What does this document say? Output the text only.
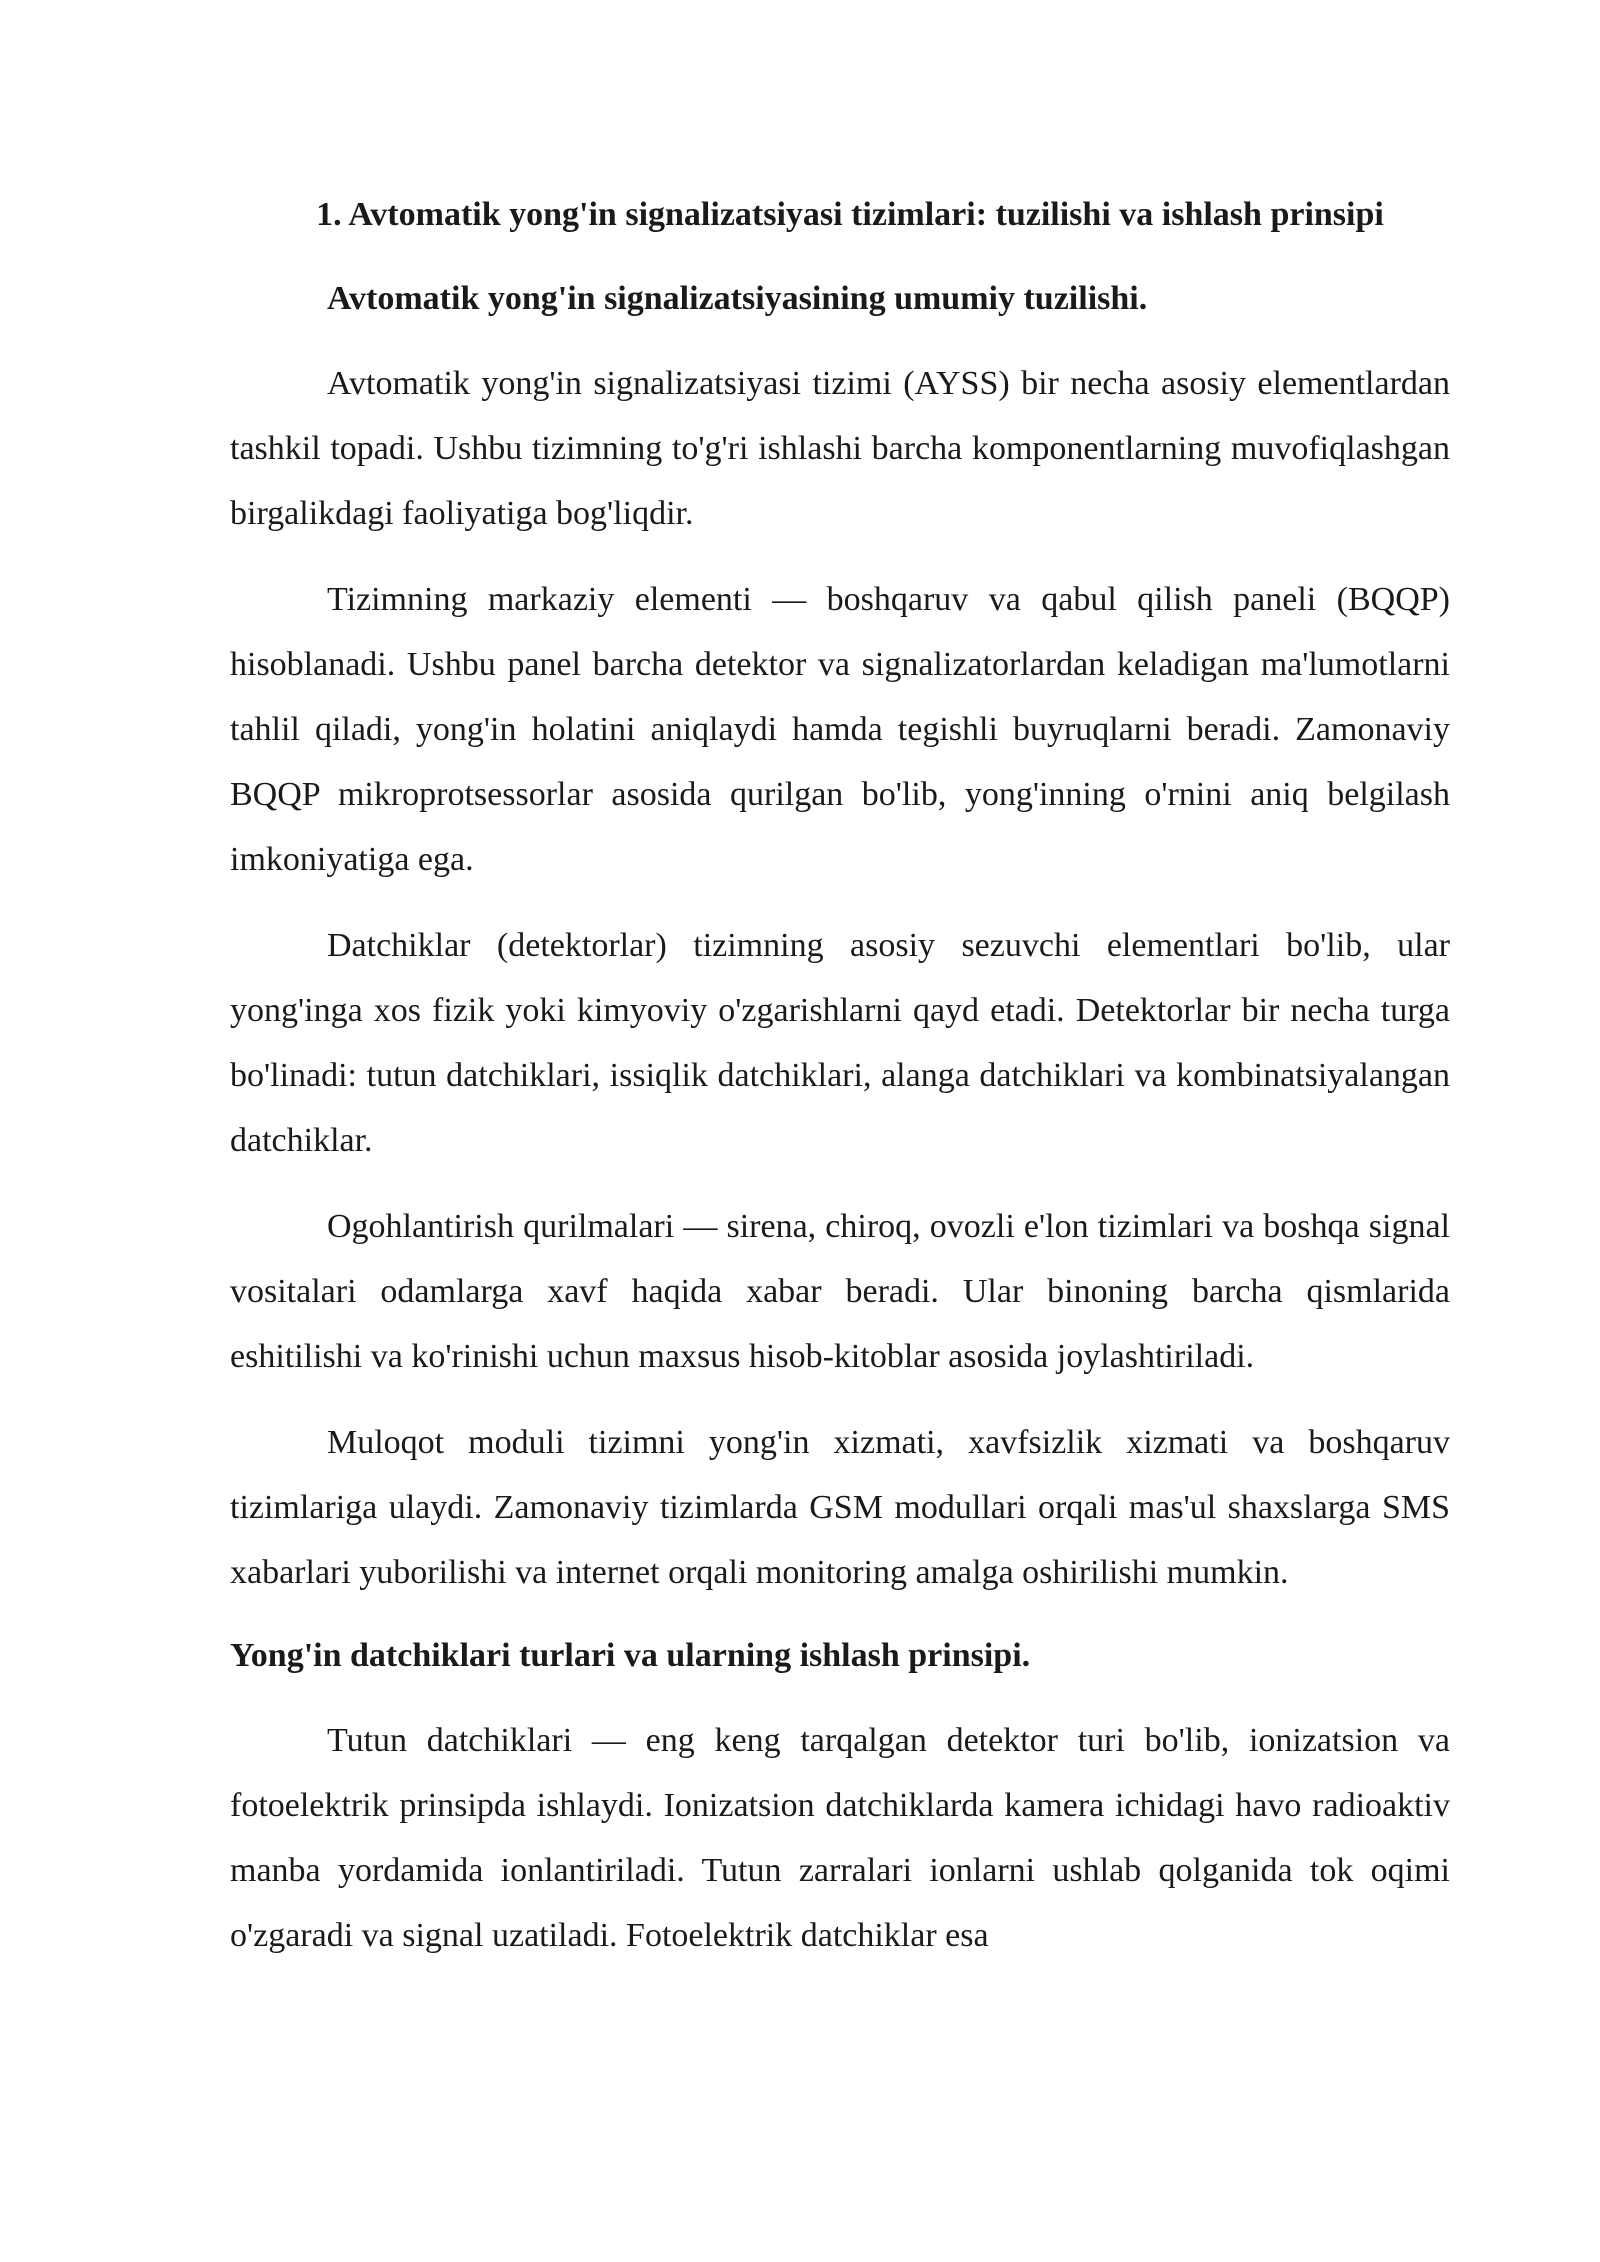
1. Avtomatik yong'in signalizatsiyasi tizimlari: tuzilishi va ishlash prinsipi

Avtomatik yong'in signalizatsiyasining umumiy tuzilishi.

Avtomatik yong'in signalizatsiyasi tizimi (AYSS) bir necha asosiy elementlardan tashkil topadi. Ushbu tizimning to'g'ri ishlashi barcha komponentlarning muvofiqlashgan birgalikdagi faoliyatiga bog'liqdir.

Tizimning markaziy elementi — boshqaruv va qabul qilish paneli (BQQP) hisoblanadi. Ushbu panel barcha detektor va signalizatorlardan keladigan ma'lumotlarni tahlil qiladi, yong'in holatini aniqlaydi hamda tegishli buyruqlarni beradi. Zamonaviy BQQP mikroprotsessorlar asosida qurilgan bo'lib, yong'inning o'rnini aniq belgilash imkoniyatiga ega.

Datchiklar (detektorlar) tizimning asosiy sezuvchi elementlari bo'lib, ular yong'inga xos fizik yoki kimyoviy o'zgarishlarni qayd etadi. Detektorlar bir necha turga bo'linadi: tutun datchiklari, issiqlik datchiklari, alanga datchiklari va kombinatsiyalangan datchiklar.

Ogohlantirish qurilmalari — sirena, chiroq, ovozli e'lon tizimlari va boshqa signal vositalari odamlarga xavf haqida xabar beradi. Ular binoning barcha qismlarida eshitilishi va ko'rinishi uchun maxsus hisob-kitoblar asosida joylashtiriladi.

Muloqot moduli tizimni yong'in xizmati, xavfsizlik xizmati va boshqaruv tizimlariga ulaydi. Zamonaviy tizimlarda GSM modullari orqali mas'ul shaxslarga SMS xabarlari yuborilishi va internet orqali monitoring amalga oshirilishi mumkin.

Yong'in datchiklari turlari va ularning ishlash prinsipi.

Tutun datchiklari — eng keng tarqalgan detektor turi bo'lib, ionizatsion va fotoelektrik prinsipda ishlaydi. Ionizatsion datchiklarda kamera ichidagi havo radioaktiv manba yordamida ionlantiriladi. Tutun zarralari ionlarni ushlab qolganida tok oqimi o'zgaradi va signal uzatiladi. Fotoelektrik datchiklar esa
